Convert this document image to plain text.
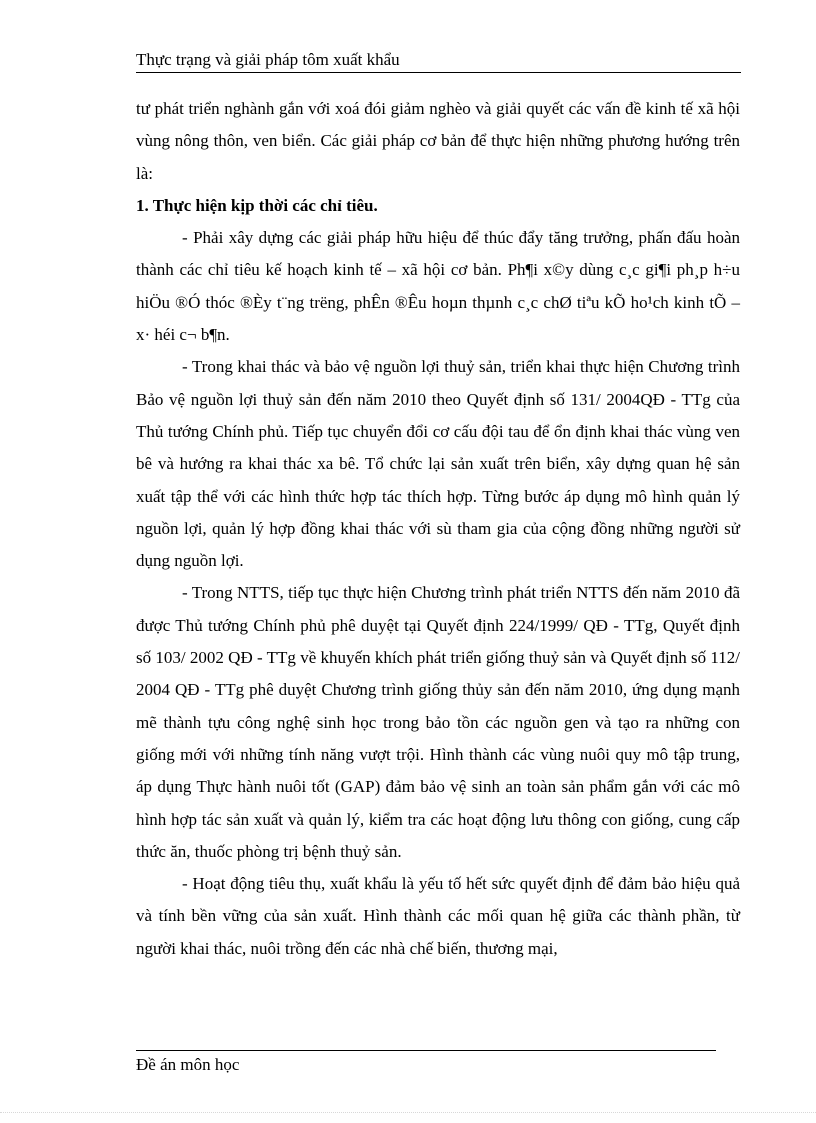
Thực trạng và giải pháp tôm xuất khẩu

tư phát triển nghành gắn với xoá đói giảm nghèo và giải quyết các vấn đề kinh tế xã hội vùng nông thôn, ven biển. Các giải pháp cơ bản để thực hiện những phương hướng trên là:

1. Thực hiện kịp thời các chỉ tiêu.

- Phải xây dựng các giải pháp hữu hiệu để thúc đẩy tăng trưởng, phấn đấu hoàn thành các chỉ tiêu kế hoạch kinh tế – xã hội cơ bản. Ph¶i x©y dùng c¸c gi¶i ph¸p h÷u hiÖu ®Ó thóc ®Èy t¨ng trëng, phÊn ®Êu hoµn thµnh c¸c chØ tiªu kÕ ho¹ch kinh tÕ – x· héi c¬ b¶n.

- Trong khai thác và bảo vệ nguồn lợi thuỷ sản, triển khai thực hiện Chương trình Bảo vệ nguồn lợi thuỷ sản đến năm 2010 theo Quyết định số 131/ 2004QĐ - TTg của Thủ tướng Chính phủ. Tiếp tục chuyển đổi cơ cấu đội tau để ổn định khai thác vùng ven bê và hướng ra khai thác xa bê. Tổ chức lại sản xuất trên biển, xây dựng quan hệ sản xuất tập thể với các hình thức hợp tác thích hợp. Từng bước áp dụng mô hình quản lý nguồn lợi, quản lý hợp đồng khai thác với sù tham gia của cộng đồng những người sử dụng nguồn lợi.

- Trong NTTS, tiếp tục thực hiện Chương trình phát triển NTTS đến năm 2010 đã được Thủ tướng Chính phủ phê duyệt tại Quyết định 224/1999/ QĐ - TTg, Quyết định số 103/ 2002 QĐ - TTg về khuyến khích phát triển giống thuỷ sản và Quyết định số 112/ 2004 QĐ - TTg phê duyệt Chương trình giống thủy sản đến năm 2010, ứng dụng mạnh mẽ thành tựu công nghệ sinh học trong bảo tồn các nguồn gen và tạo ra những con giống mới với những tính năng vượt trội. Hình thành các vùng nuôi quy mô tập trung, áp dụng Thực hành nuôi tốt (GAP) đảm bảo vệ sinh an toàn sản phẩm gắn với các mô hình hợp tác sản xuất và quản lý, kiểm tra các hoạt động lưu thông con giống, cung cấp thức ăn, thuốc phòng trị bệnh thuỷ sản.

- Hoạt động tiêu thụ, xuất khẩu là yếu tố hết sức quyết định để đảm bảo hiệu quả và tính bền vững của sản xuất. Hình thành các mối quan hệ giữa các thành phần, từ người khai thác, nuôi trồng đến các nhà chế biến, thương mại,

Đề án môn học
